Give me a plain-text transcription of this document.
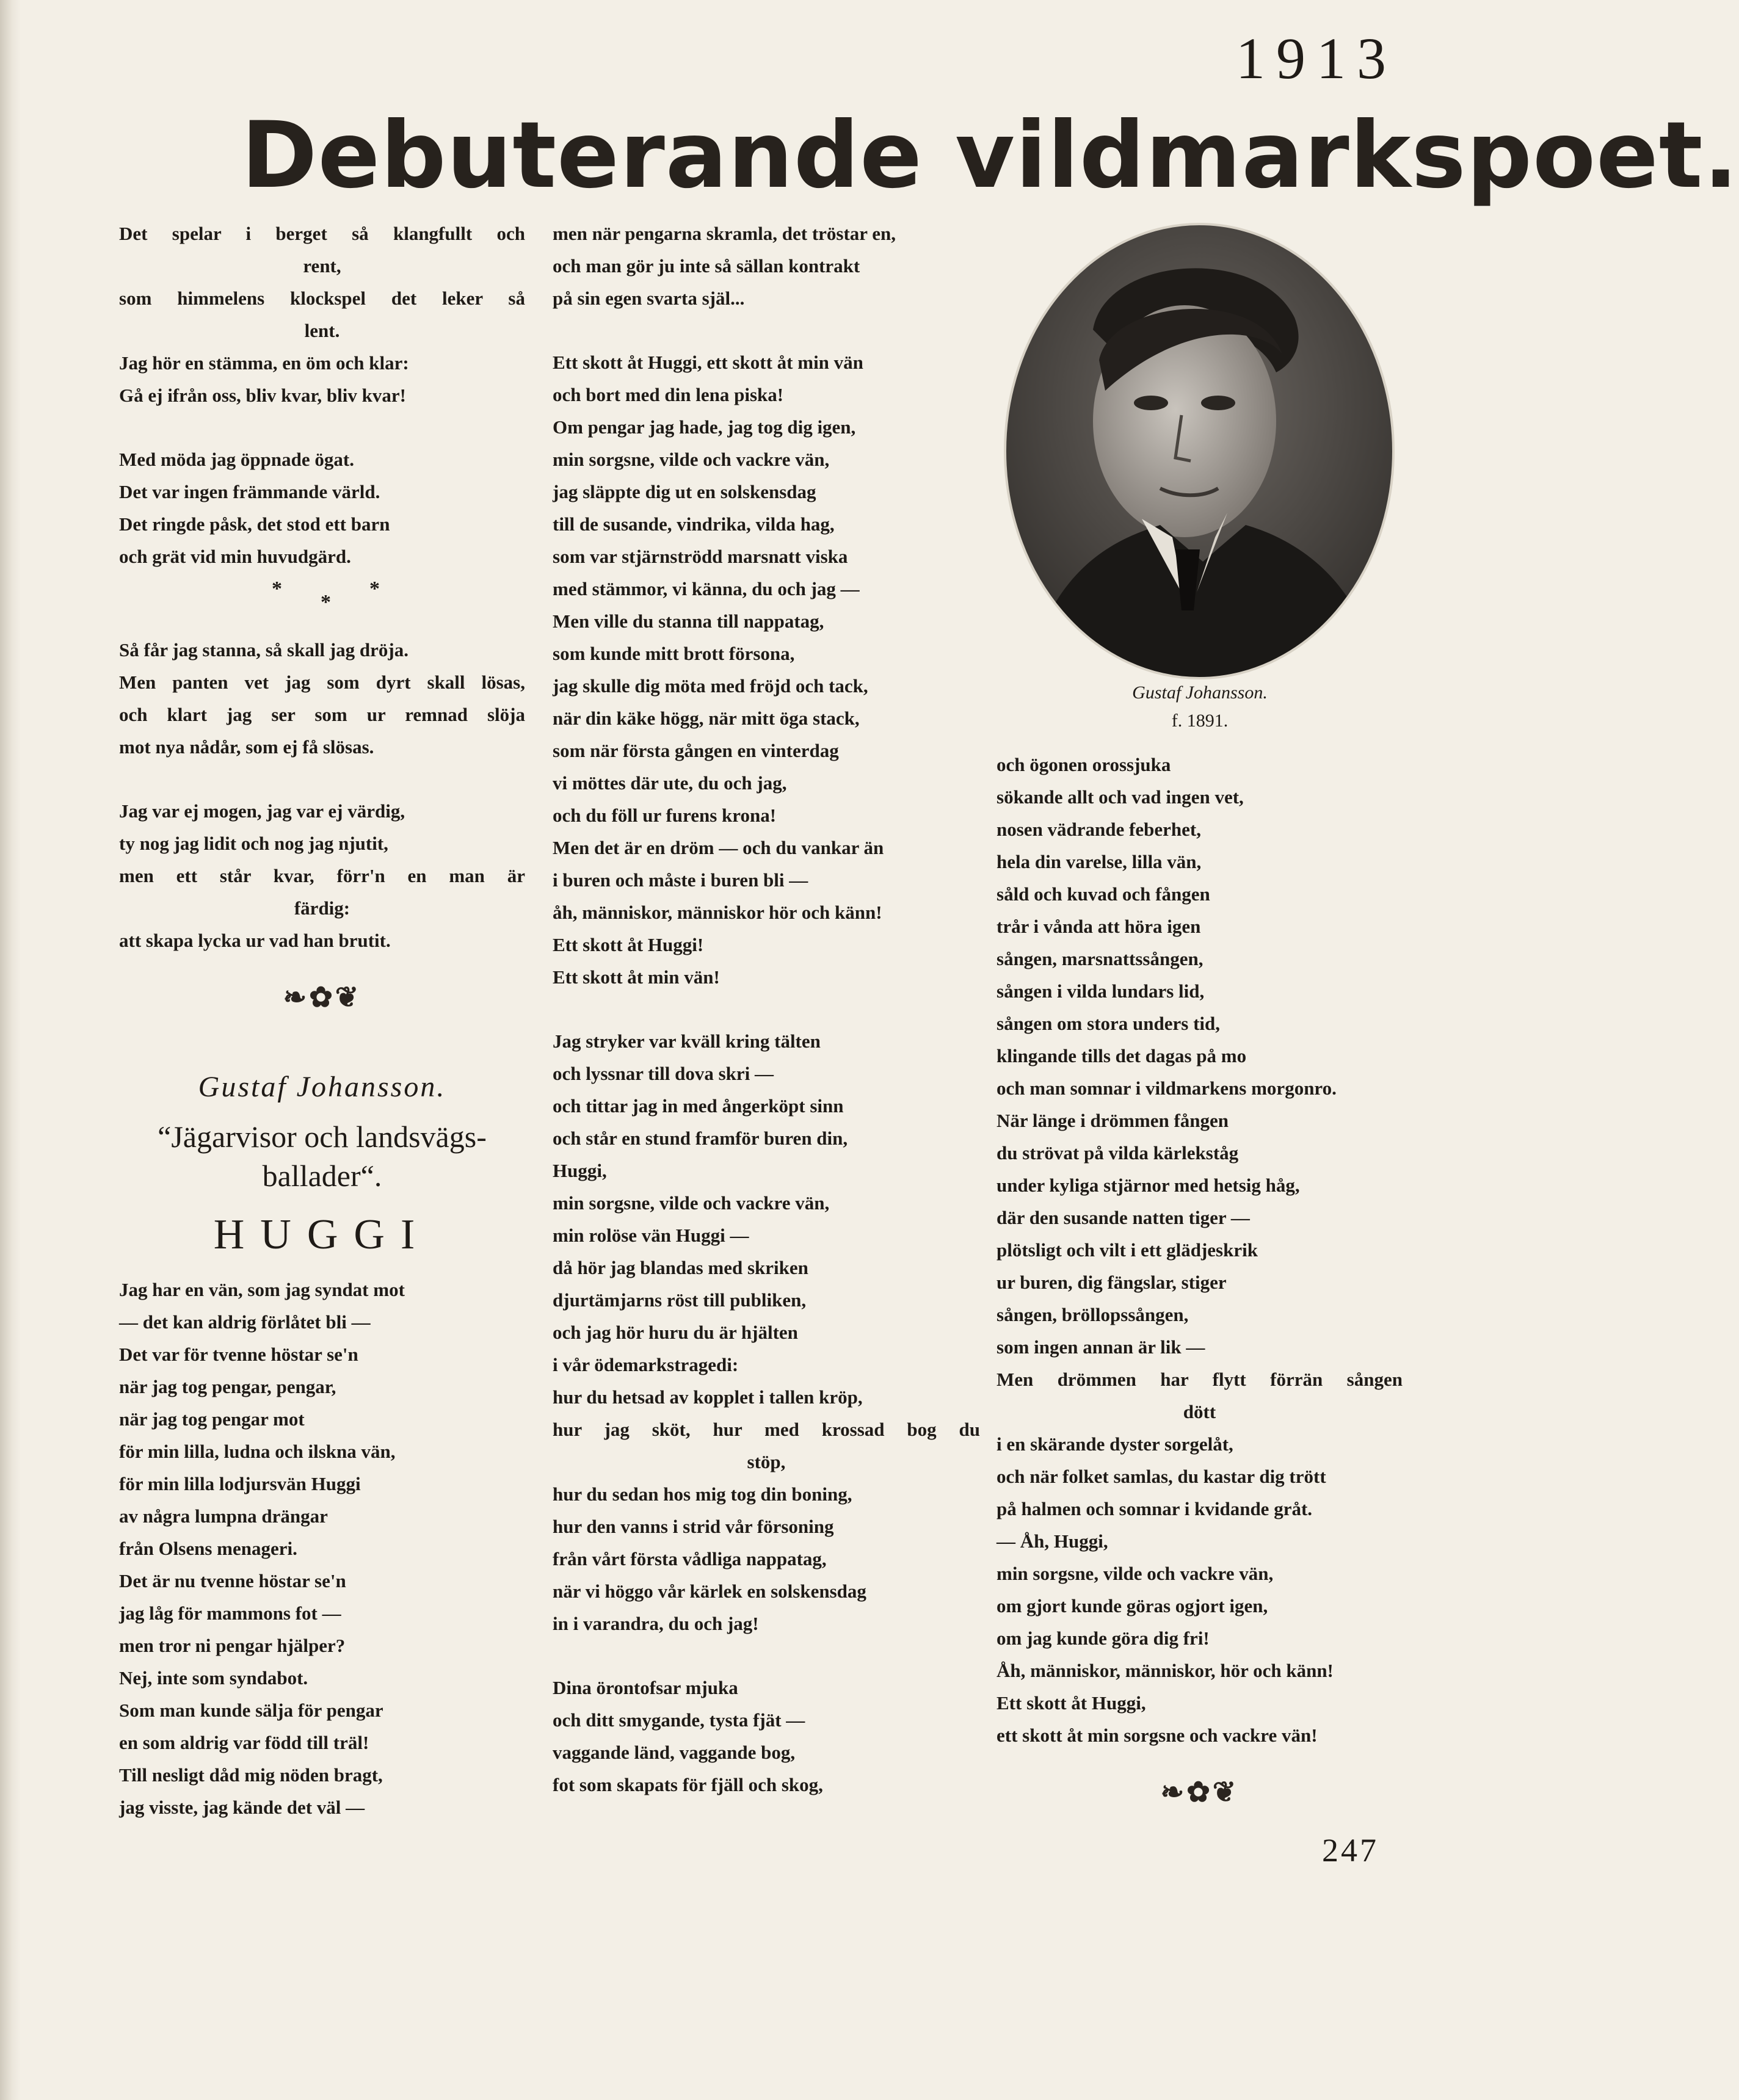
1913
Debuterande vildmarkspoet.
Det spelar i berget så klangfullt och
rent,
som himmelens klockspel det leker så
lent.
Jag hör en stämma, en öm och klar:
Gå ej ifrån oss, bliv kvar, bliv kvar!
Med möda jag öppnade ögat.
Det var ingen främmande värld.
Det ringde påsk, det stod ett barn
och grät vid min huvudgärd.
*
*
*
Så får jag stanna, så skall jag dröja.
Men panten vet jag som dyrt skall lösas,
och klart jag ser som ur remnad slöja
mot nya nådår, som ej få slösas.
Jag var ej mogen, jag var ej värdig,
ty nog jag lidit och nog jag njutit,
men ett står kvar, förr'n en man är
färdig:
att skapa lycka ur vad han brutit.
❧✿❦
Gustaf Johansson.
“Jägarvisor och landsvägs-
ballader“.
HUGGI
Jag har en vän, som jag syndat mot
— det kan aldrig förlåtet bli —
Det var för tvenne höstar se'n
när jag tog pengar, pengar,
när jag tog pengar mot
för min lilla, ludna och ilskna vän,
för min lilla lodjursvän Huggi
av några lumpna drängar
från Olsens menageri.
Det är nu tvenne höstar se'n
jag låg för mammons fot —
men tror ni pengar hjälper?
Nej, inte som syndabot.
Som man kunde sälja för pengar
en som aldrig var född till träl!
Till nesligt dåd mig nöden bragt,
jag visste, jag kände det väl —
men när pengarna skramla, det tröstar en,
och man gör ju inte så sällan kontrakt
på sin egen svarta själ...
Ett skott åt Huggi, ett skott åt min vän
och bort med din lena piska!
Om pengar jag hade, jag tog dig igen,
min sorgsne, vilde och vackre vän,
jag släppte dig ut en solskensdag
till de susande, vindrika, vilda hag,
som var stjärnströdd marsnatt viska
med stämmor, vi känna, du och jag —
Men ville du stanna till nappatag,
som kunde mitt brott försona,
jag skulle dig möta med fröjd och tack,
när din käke högg, när mitt öga stack,
som när första gången en vinterdag
vi möttes där ute, du och jag,
och du föll ur furens krona!
Men det är en dröm — och du vankar än
i buren och måste i buren bli —
åh, människor, människor hör och känn!
Ett skott åt Huggi!
Ett skott åt min vän!
Jag stryker var kväll kring tälten
och lyssnar till dova skri —
och tittar jag in med ångerköpt sinn
och står en stund framför buren din,
Huggi,
min sorgsne, vilde och vackre vän,
min rolöse vän Huggi —
då hör jag blandas med skriken
djurtämjarns röst till publiken,
och jag hör huru du är hjälten
i vår ödemarkstragedi:
hur du hetsad av kopplet i tallen kröp,
hur jag sköt, hur med krossad bog du
stöp,
hur du sedan hos mig tog din boning,
hur den vanns i strid vår försoning
från vårt första vådliga nappatag,
när vi höggo vår kärlek en solskensdag
in i varandra, du och jag!
Dina örontofsar mjuka
och ditt smygande, tysta fjät —
vaggande länd, vaggande bog,
fot som skapats för fjäll och skog,
Gustaf Johansson.
f. 1891.
och ögonen orossjuka
sökande allt och vad ingen vet,
nosen vädrande feberhet,
hela din varelse, lilla vän,
såld och kuvad och fången
trår i vånda att höra igen
sången, marsnattssången,
sången i vilda lundars lid,
sången om stora unders tid,
klingande tills det dagas på mo
och man somnar i vildmarkens morgonro.
När länge i drömmen fången
du strövat på vilda kärlekståg
under kyliga stjärnor med hetsig håg,
där den susande natten tiger —
plötsligt och vilt i ett glädjeskrik
ur buren, dig fängslar, stiger
sången, bröllopssången,
som ingen annan är lik —
Men drömmen har flytt förrän sången
dött
i en skärande dyster sorgelåt,
och när folket samlas, du kastar dig trött
på halmen och somnar i kvidande gråt.
— Åh, Huggi,
min sorgsne, vilde och vackre vän,
om gjort kunde göras ogjort igen,
om jag kunde göra dig fri!
Åh, människor, människor, hör och känn!
Ett skott åt Huggi,
ett skott åt min sorgsne och vackre vän!
❧✿❦
247
